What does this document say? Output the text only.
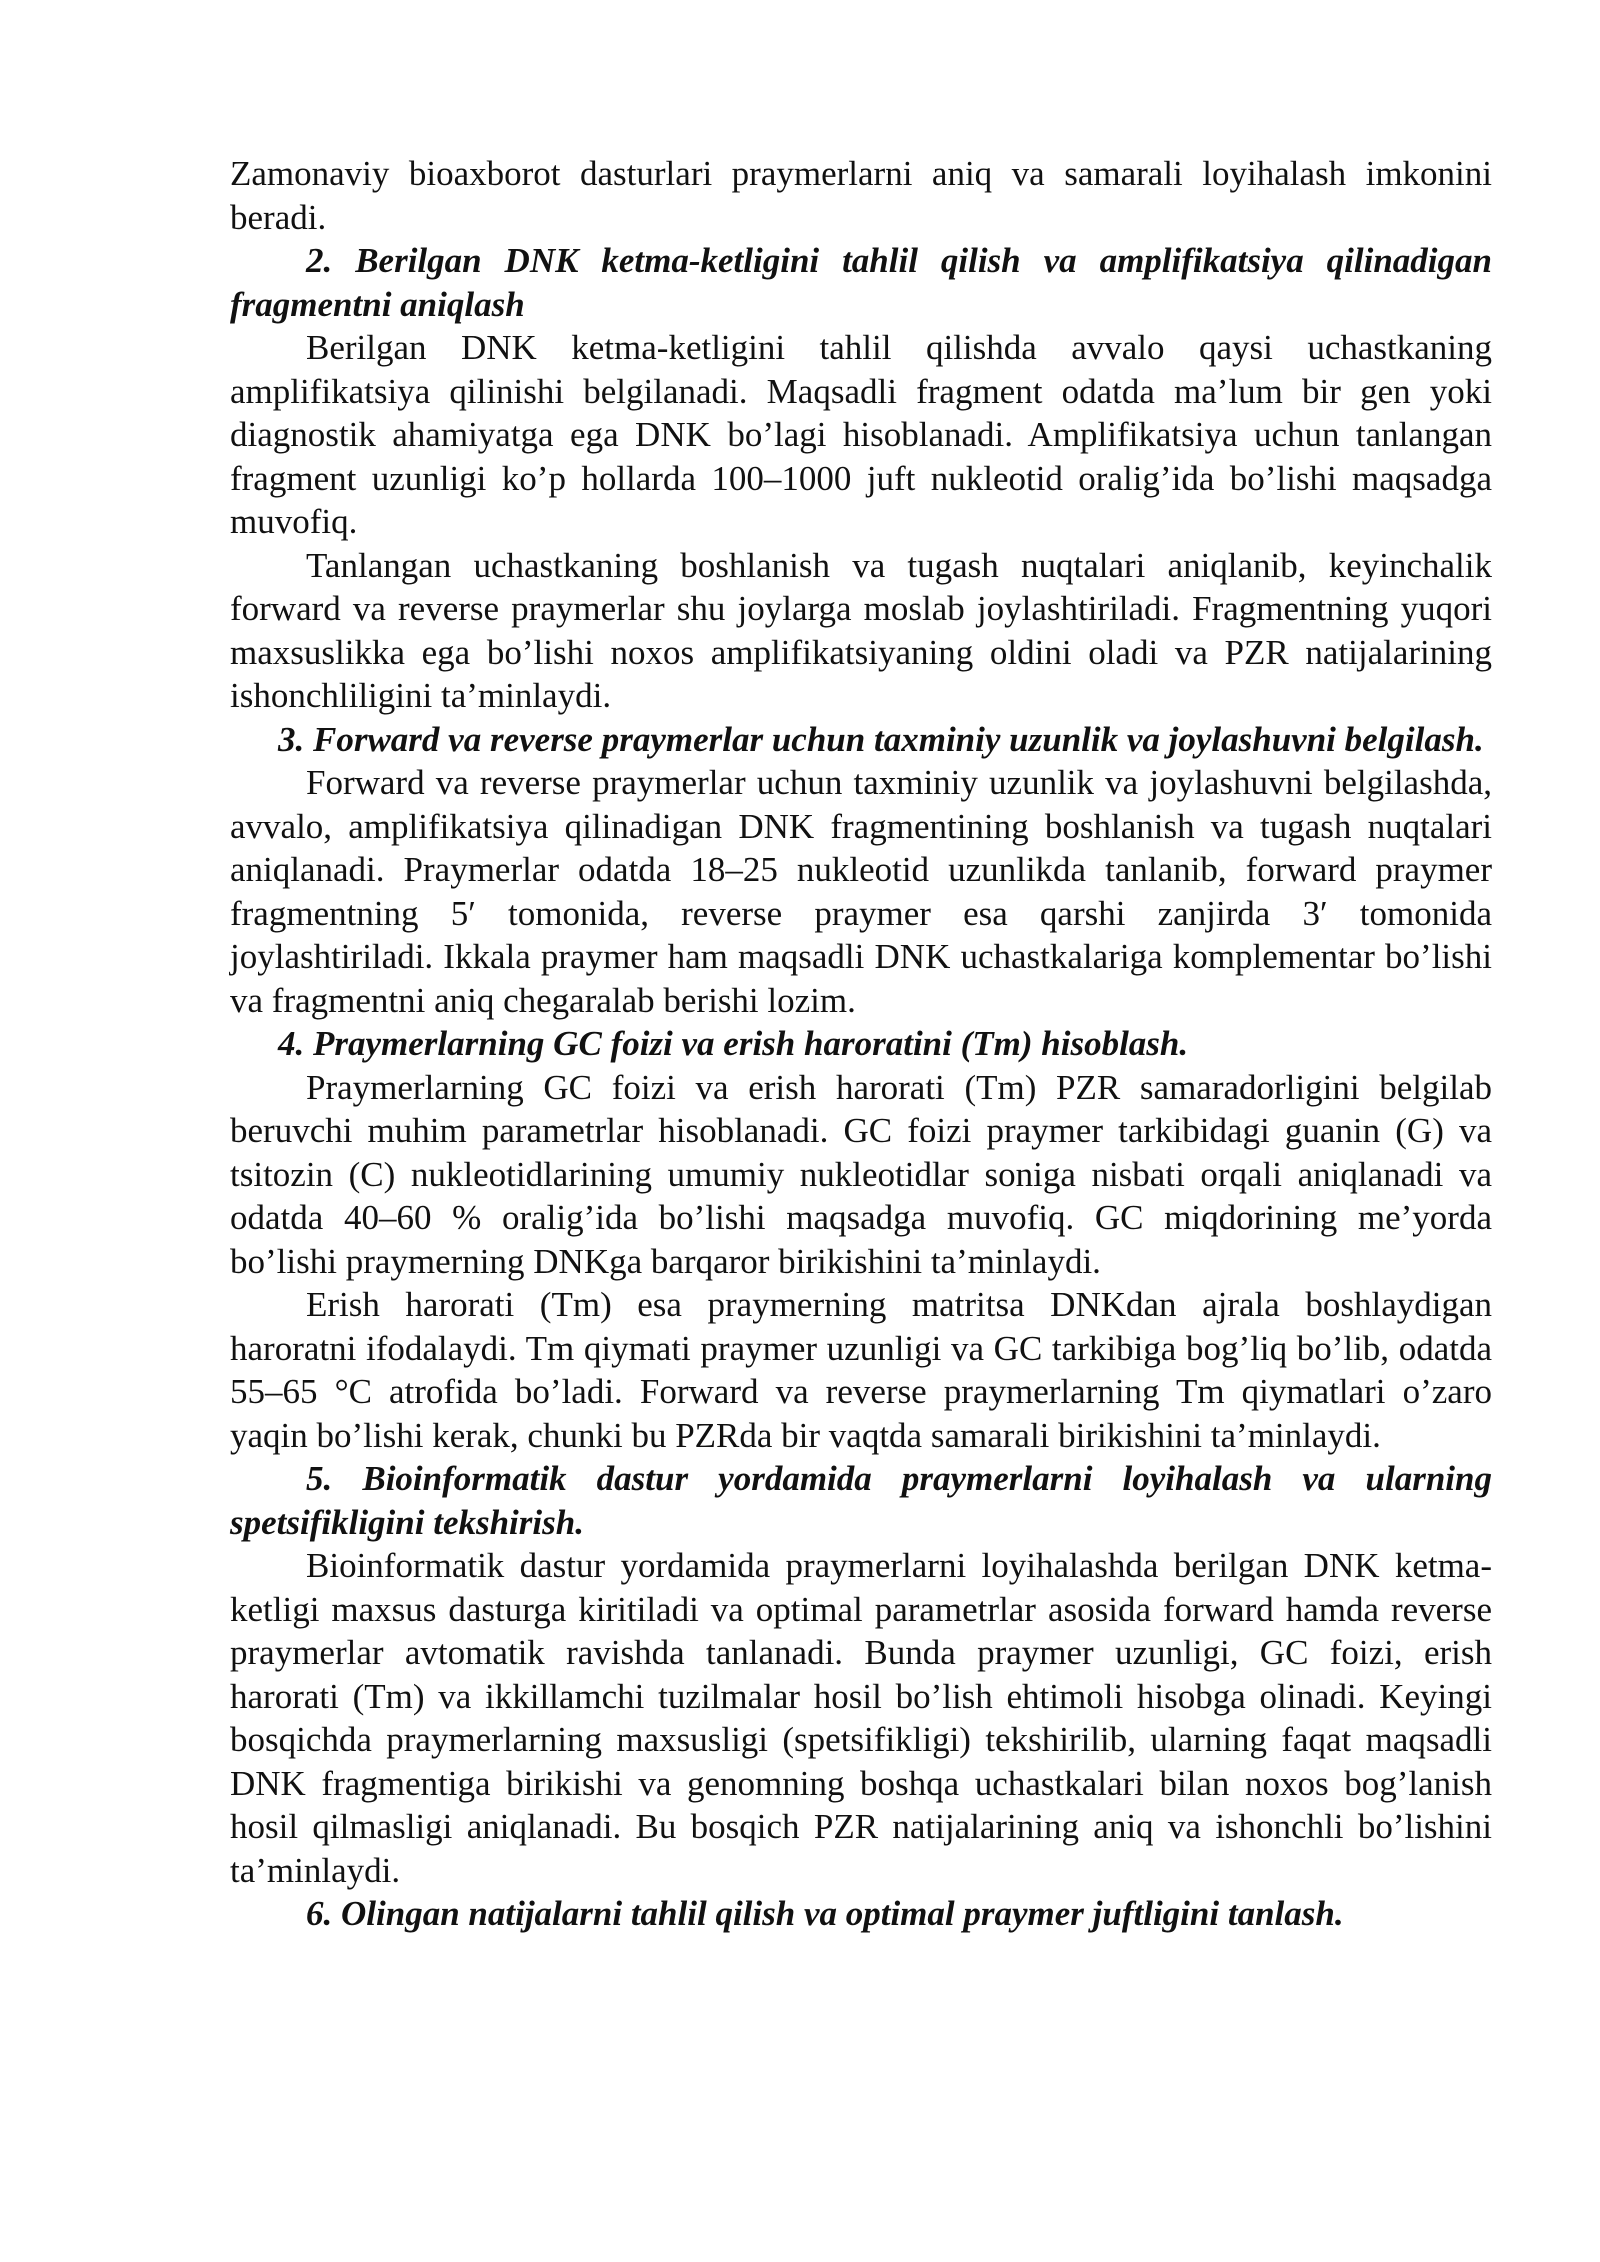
Zamonaviy bioaxborot dasturlari praymerlarni aniq va samarali loyihalash imkonini beradi.

2. Berilgan DNK ketma-ketligini tahlil qilish va amplifikatsiya qilinadigan fragmentni aniqlash

Berilgan DNK ketma-ketligini tahlil qilishda avvalo qaysi uchastkaning amplifikatsiya qilinishi belgilanadi. Maqsadli fragment odatda ma’lum bir gen yoki diagnostik ahamiyatga ega DNK bo’lagi hisoblanadi. Amplifikatsiya uchun tanlangan fragment uzunligi ko’p hollarda 100–1000 juft nukleotid oralig’ida bo’lishi maqsadga muvofiq.

Tanlangan uchastkaning boshlanish va tugash nuqtalari aniqlanib, keyinchalik forward va reverse praymerlar shu joylarga moslab joylashtiriladi. Fragmentning yuqori maxsuslikka ega bo’lishi noxos amplifikatsiyaning oldini oladi va PZR natijalarining ishonchliligini ta’minlaydi.

3. Forward va reverse praymerlar uchun taxminiy uzunlik va joylashuvni belgilash.

Forward va reverse praymerlar uchun taxminiy uzunlik va joylashuvni belgilashda, avvalo, amplifikatsiya qilinadigan DNK fragmentining boshlanish va tugash nuqtalari aniqlanadi. Praymerlar odatda 18–25 nukleotid uzunlikda tanlanib, forward praymer fragmentning 5′ tomonida, reverse praymer esa qarshi zanjirda 3′ tomonida joylashtiriladi. Ikkala praymer ham maqsadli DNK uchastkalariga komplementar bo’lishi va fragmentni aniq chegaralab berishi lozim.

4. Praymerlarning GC foizi va erish haroratini (Tm) hisoblash.

Praymerlarning GC foizi va erish harorati (Tm) PZR samaradorligini belgilab beruvchi muhim parametrlar hisoblanadi. GC foizi praymer tarkibidagi guanin (G) va tsitozin (C) nukleotidlarining umumiy nukleotidlar soniga nisbati orqali aniqlanadi va odatda 40–60 % oralig’ida bo’lishi maqsadga muvofiq. GC miqdorining me’yorda bo’lishi praymerning DNKga barqaror birikishini ta’minlaydi.

Erish harorati (Tm) esa praymerning matritsa DNKdan ajrala boshlaydigan haroratni ifodalaydi. Tm qiymati praymer uzunligi va GC tarkibiga bog’liq bo’lib, odatda 55–65 °C atrofida bo’ladi. Forward va reverse praymerlarning Tm qiymatlari o’zaro yaqin bo’lishi kerak, chunki bu PZRda bir vaqtda samarali birikishini ta’minlaydi.

5. Bioinformatik dastur yordamida praymerlarni loyihalash va ularning spetsifikligini tekshirish.

Bioinformatik dastur yordamida praymerlarni loyihalashda berilgan DNK ketma-ketligi maxsus dasturga kiritiladi va optimal parametrlar asosida forward hamda reverse praymerlar avtomatik ravishda tanlanadi. Bunda praymer uzunligi, GC foizi, erish harorati (Tm) va ikkillamchi tuzilmalar hosil bo’lish ehtimoli hisobga olinadi. Keyingi bosqichda praymerlarning maxsusligi (spetsifikligi) tekshirilib, ularning faqat maqsadli DNK fragmentiga birikishi va genomning boshqa uchastkalari bilan noxos bog’lanish hosil qilmasligi aniqlanadi. Bu bosqich PZR natijalarining aniq va ishonchli bo’lishini ta’minlaydi.

6. Olingan natijalarni tahlil qilish va optimal praymer juftligini tanlash.
